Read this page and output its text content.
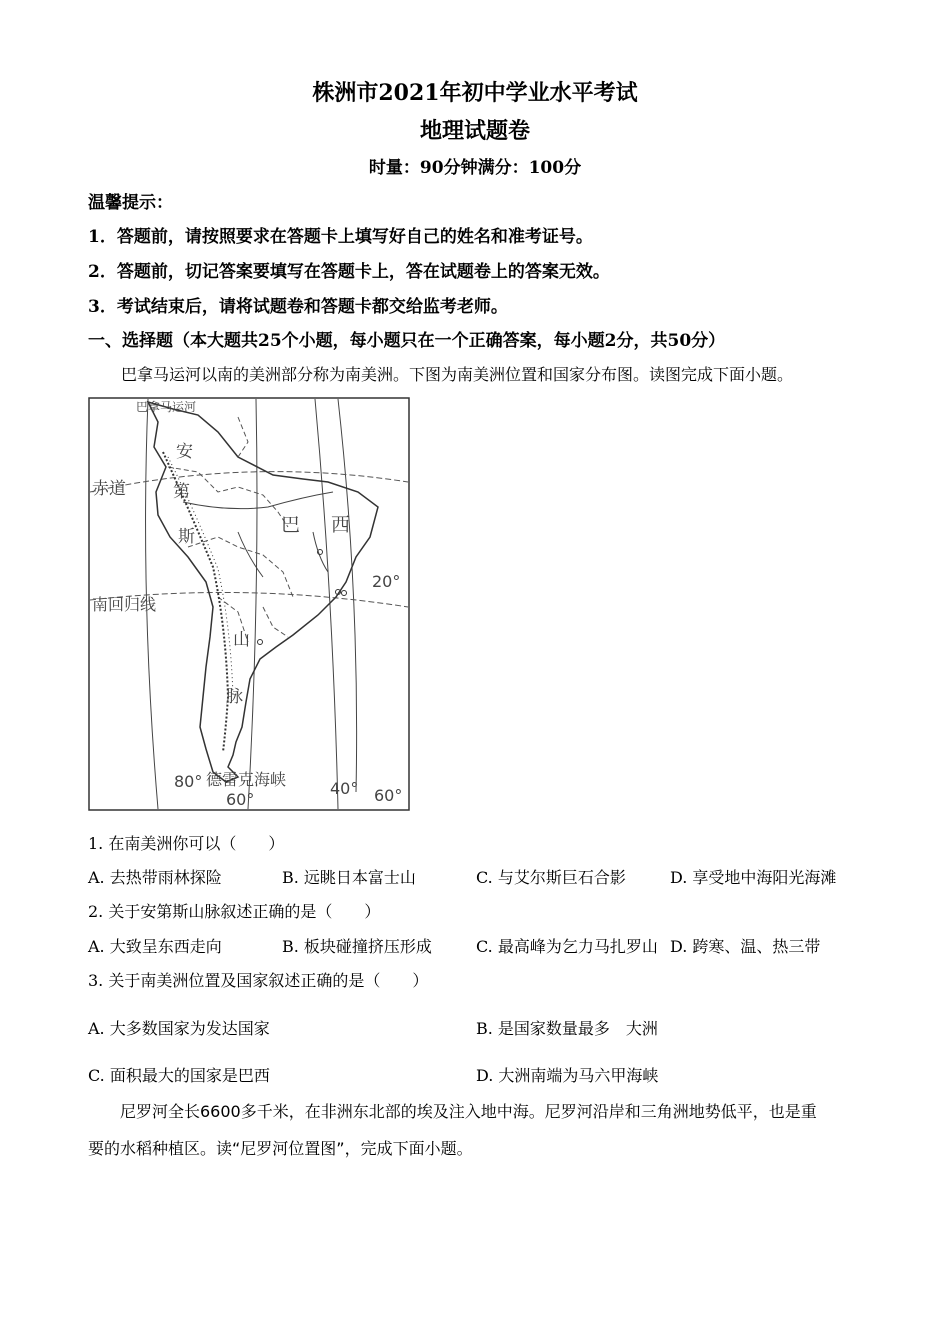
株洲市2021年初中学业水平考试
地理试题卷
时量：90分钟满分：100分
温馨提示：
1．答题前，请按照要求在答题卡上填写好自己的姓名和准考证号。
2．答题前，切记答案要填写在答题卡上，答在试题卷上的答案无效。
3．考试结束后，请将试题卷和答题卡都交给监考老师。
一、选择题（本大题共25个小题，每小题只在一个正确答案，每小题2分，共50分）
巴拿马运河以南的美洲部分称为南美洲。下图为南美洲位置和国家分布图。读图完成下面小题。
巴拿马运河
赤道
南回归线
安
第
斯
山
脉
巴 西
20°
80° 德雷克海峡
60°
40° 60°
1. 在南美洲你可以（　　）
A. 去热带雨林探险	B. 远眺日本富士山	C. 与艾尔斯巨石合影	D. 享受地中海阳光海滩
2. 关于安第斯山脉叙述正确的是（　　）
A. 大致呈东西走向	B. 板块碰撞挤压形成	C. 最高峰为乞力马扎罗山 D. 跨寒、温、热三带
3. 关于南美洲位置及国家叙述正确的是（　　）
A. 大多数国家为发达国家	B. 是国家数量最多　大洲
C. 面积最大的国家是巴西	D. 大洲南端为马六甲海峡
尼罗河全长6600多千米，在非洲东北部的埃及注入地中海。尼罗河沿岸和三角洲地势低平，也是重
要的水稻种植区。读“尼罗河位置图”，完成下面小题。
